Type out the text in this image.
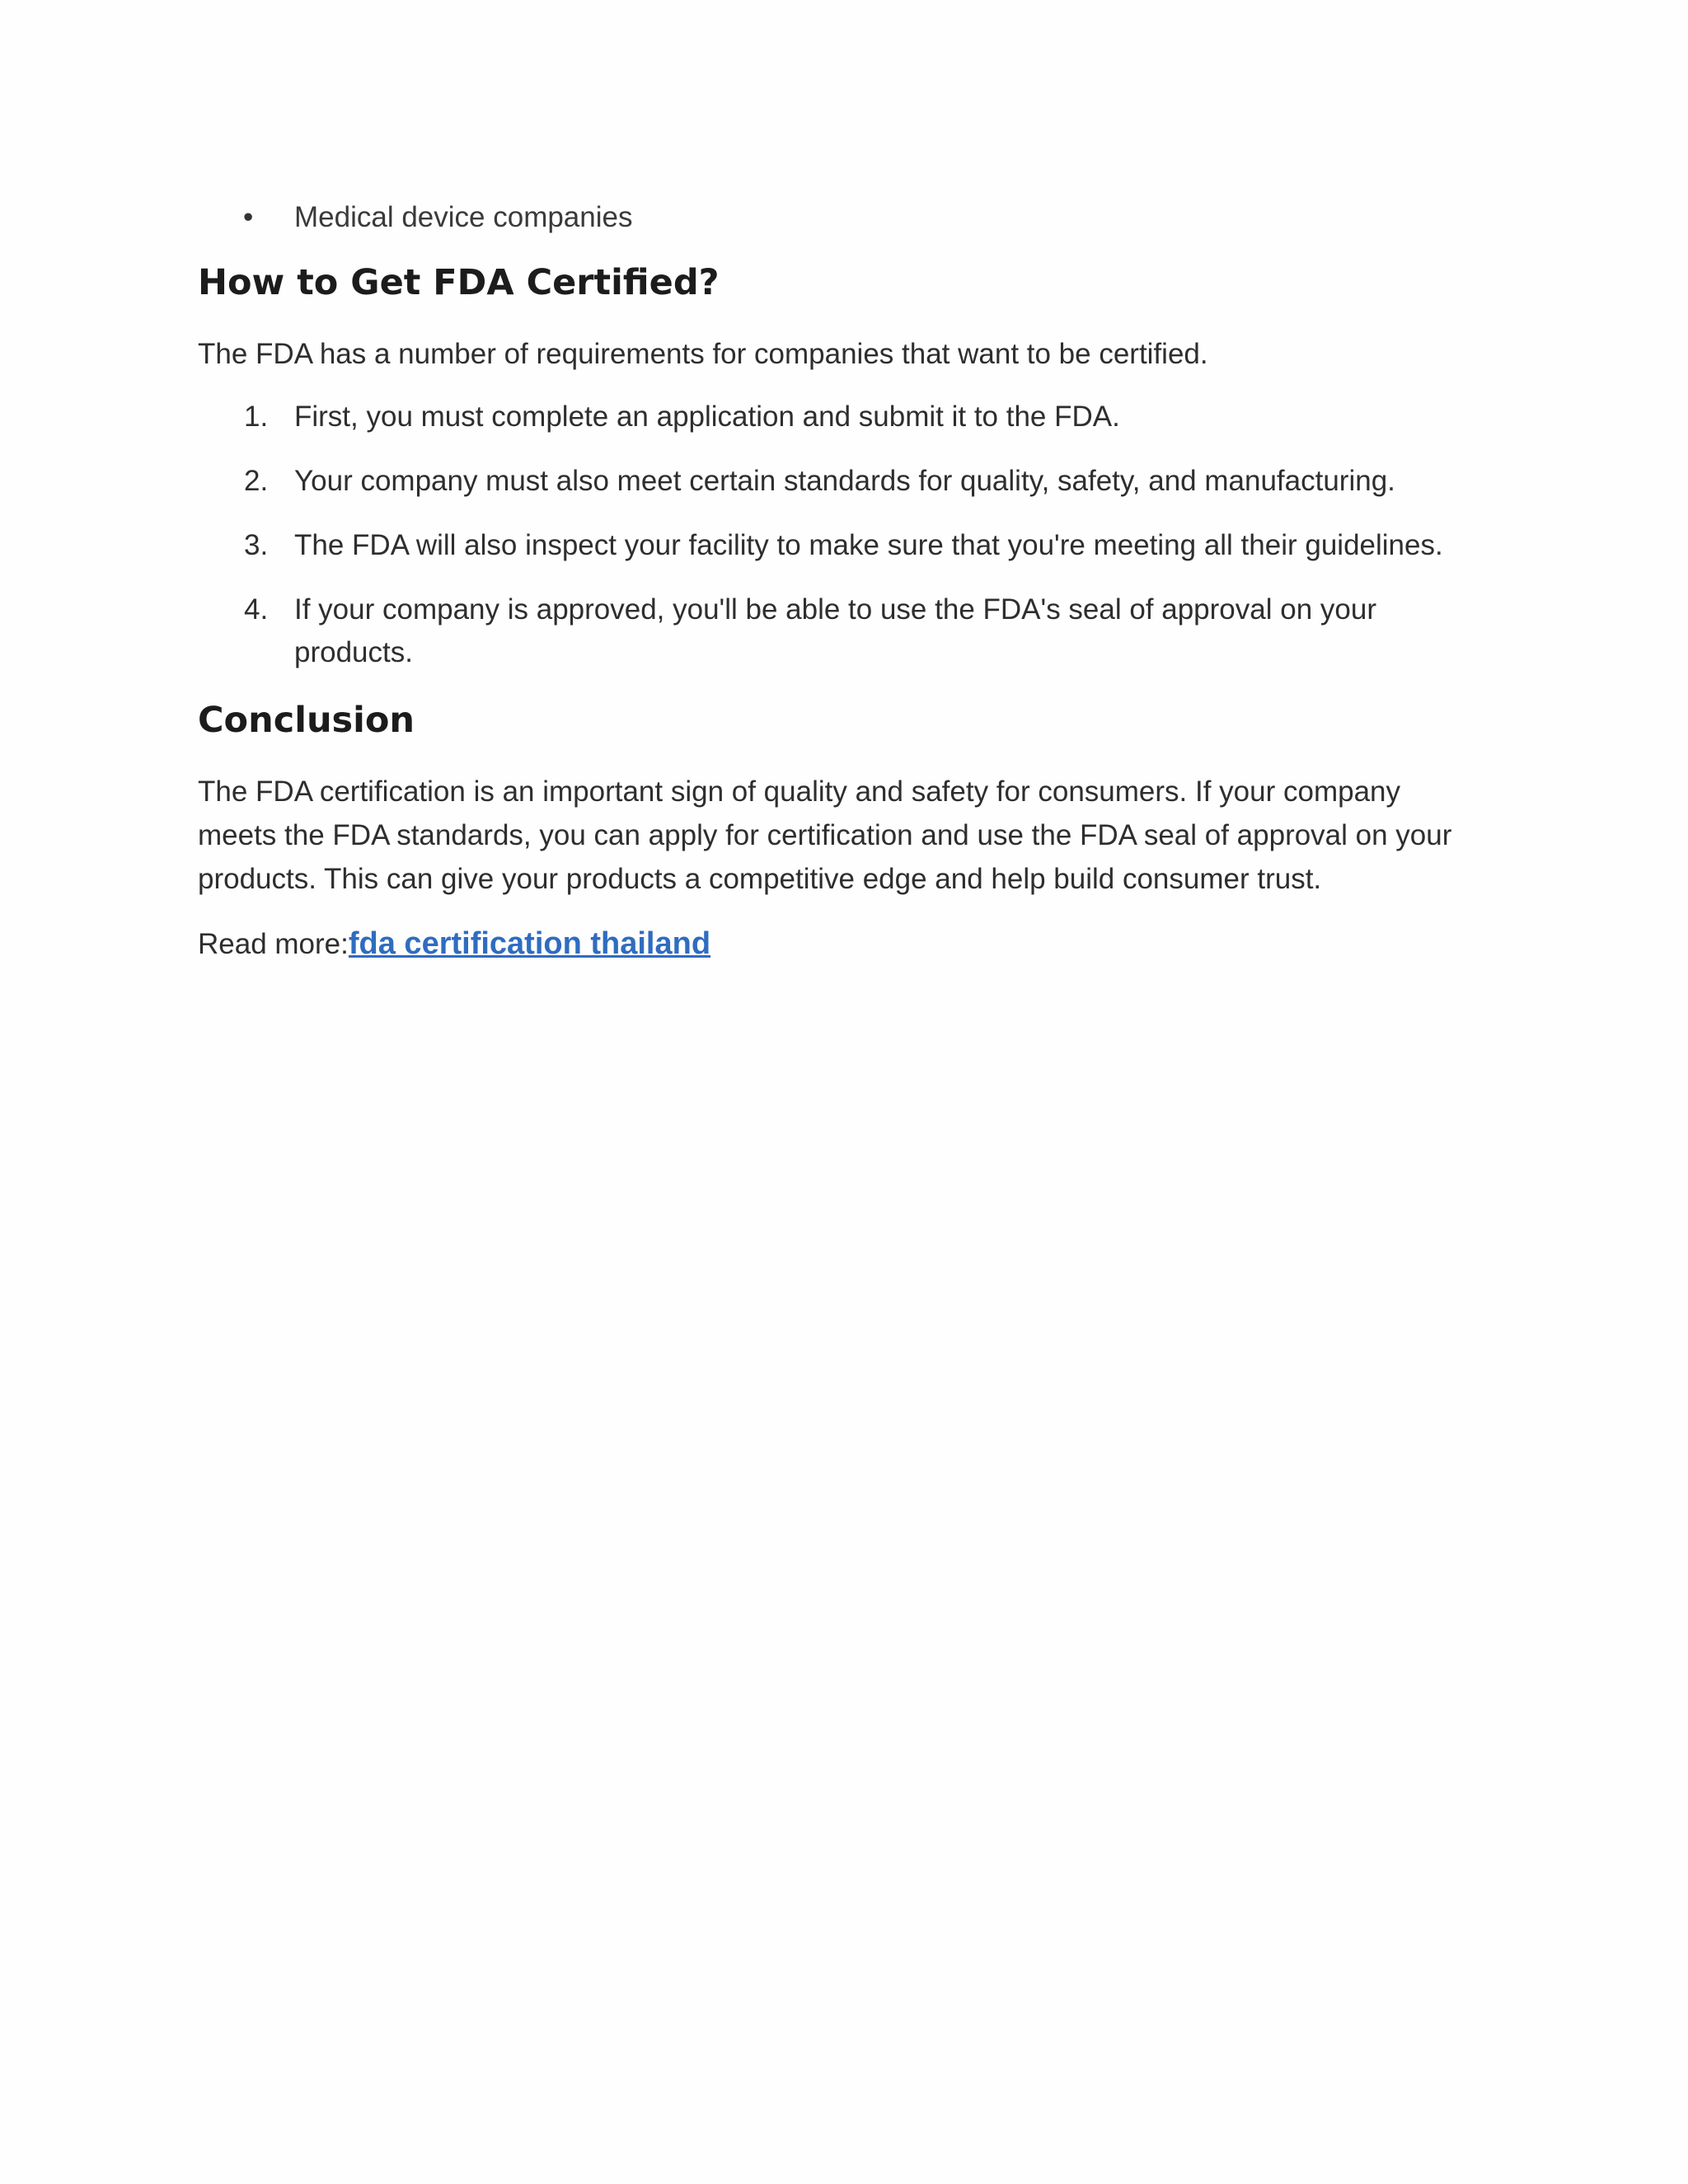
• Medical device companies
How to Get FDA Certified?

The FDA has a number of requirements for companies that want to be certified.

1. First, you must complete an application and submit it to the FDA.
2. Your company must also meet certain standards for quality, safety, and manufacturing.
3. The FDA will also inspect your facility to make sure that you're meeting all their guidelines.
4. If your company is approved, you'll be able to use the FDA's seal of approval on your products.
Conclusion

The FDA certification is an important sign of quality and safety for consumers. If your company meets the FDA standards, you can apply for certification and use the FDA seal of approval on your products. This can give your products a competitive edge and help build consumer trust.

Read more:fda certification thailand
